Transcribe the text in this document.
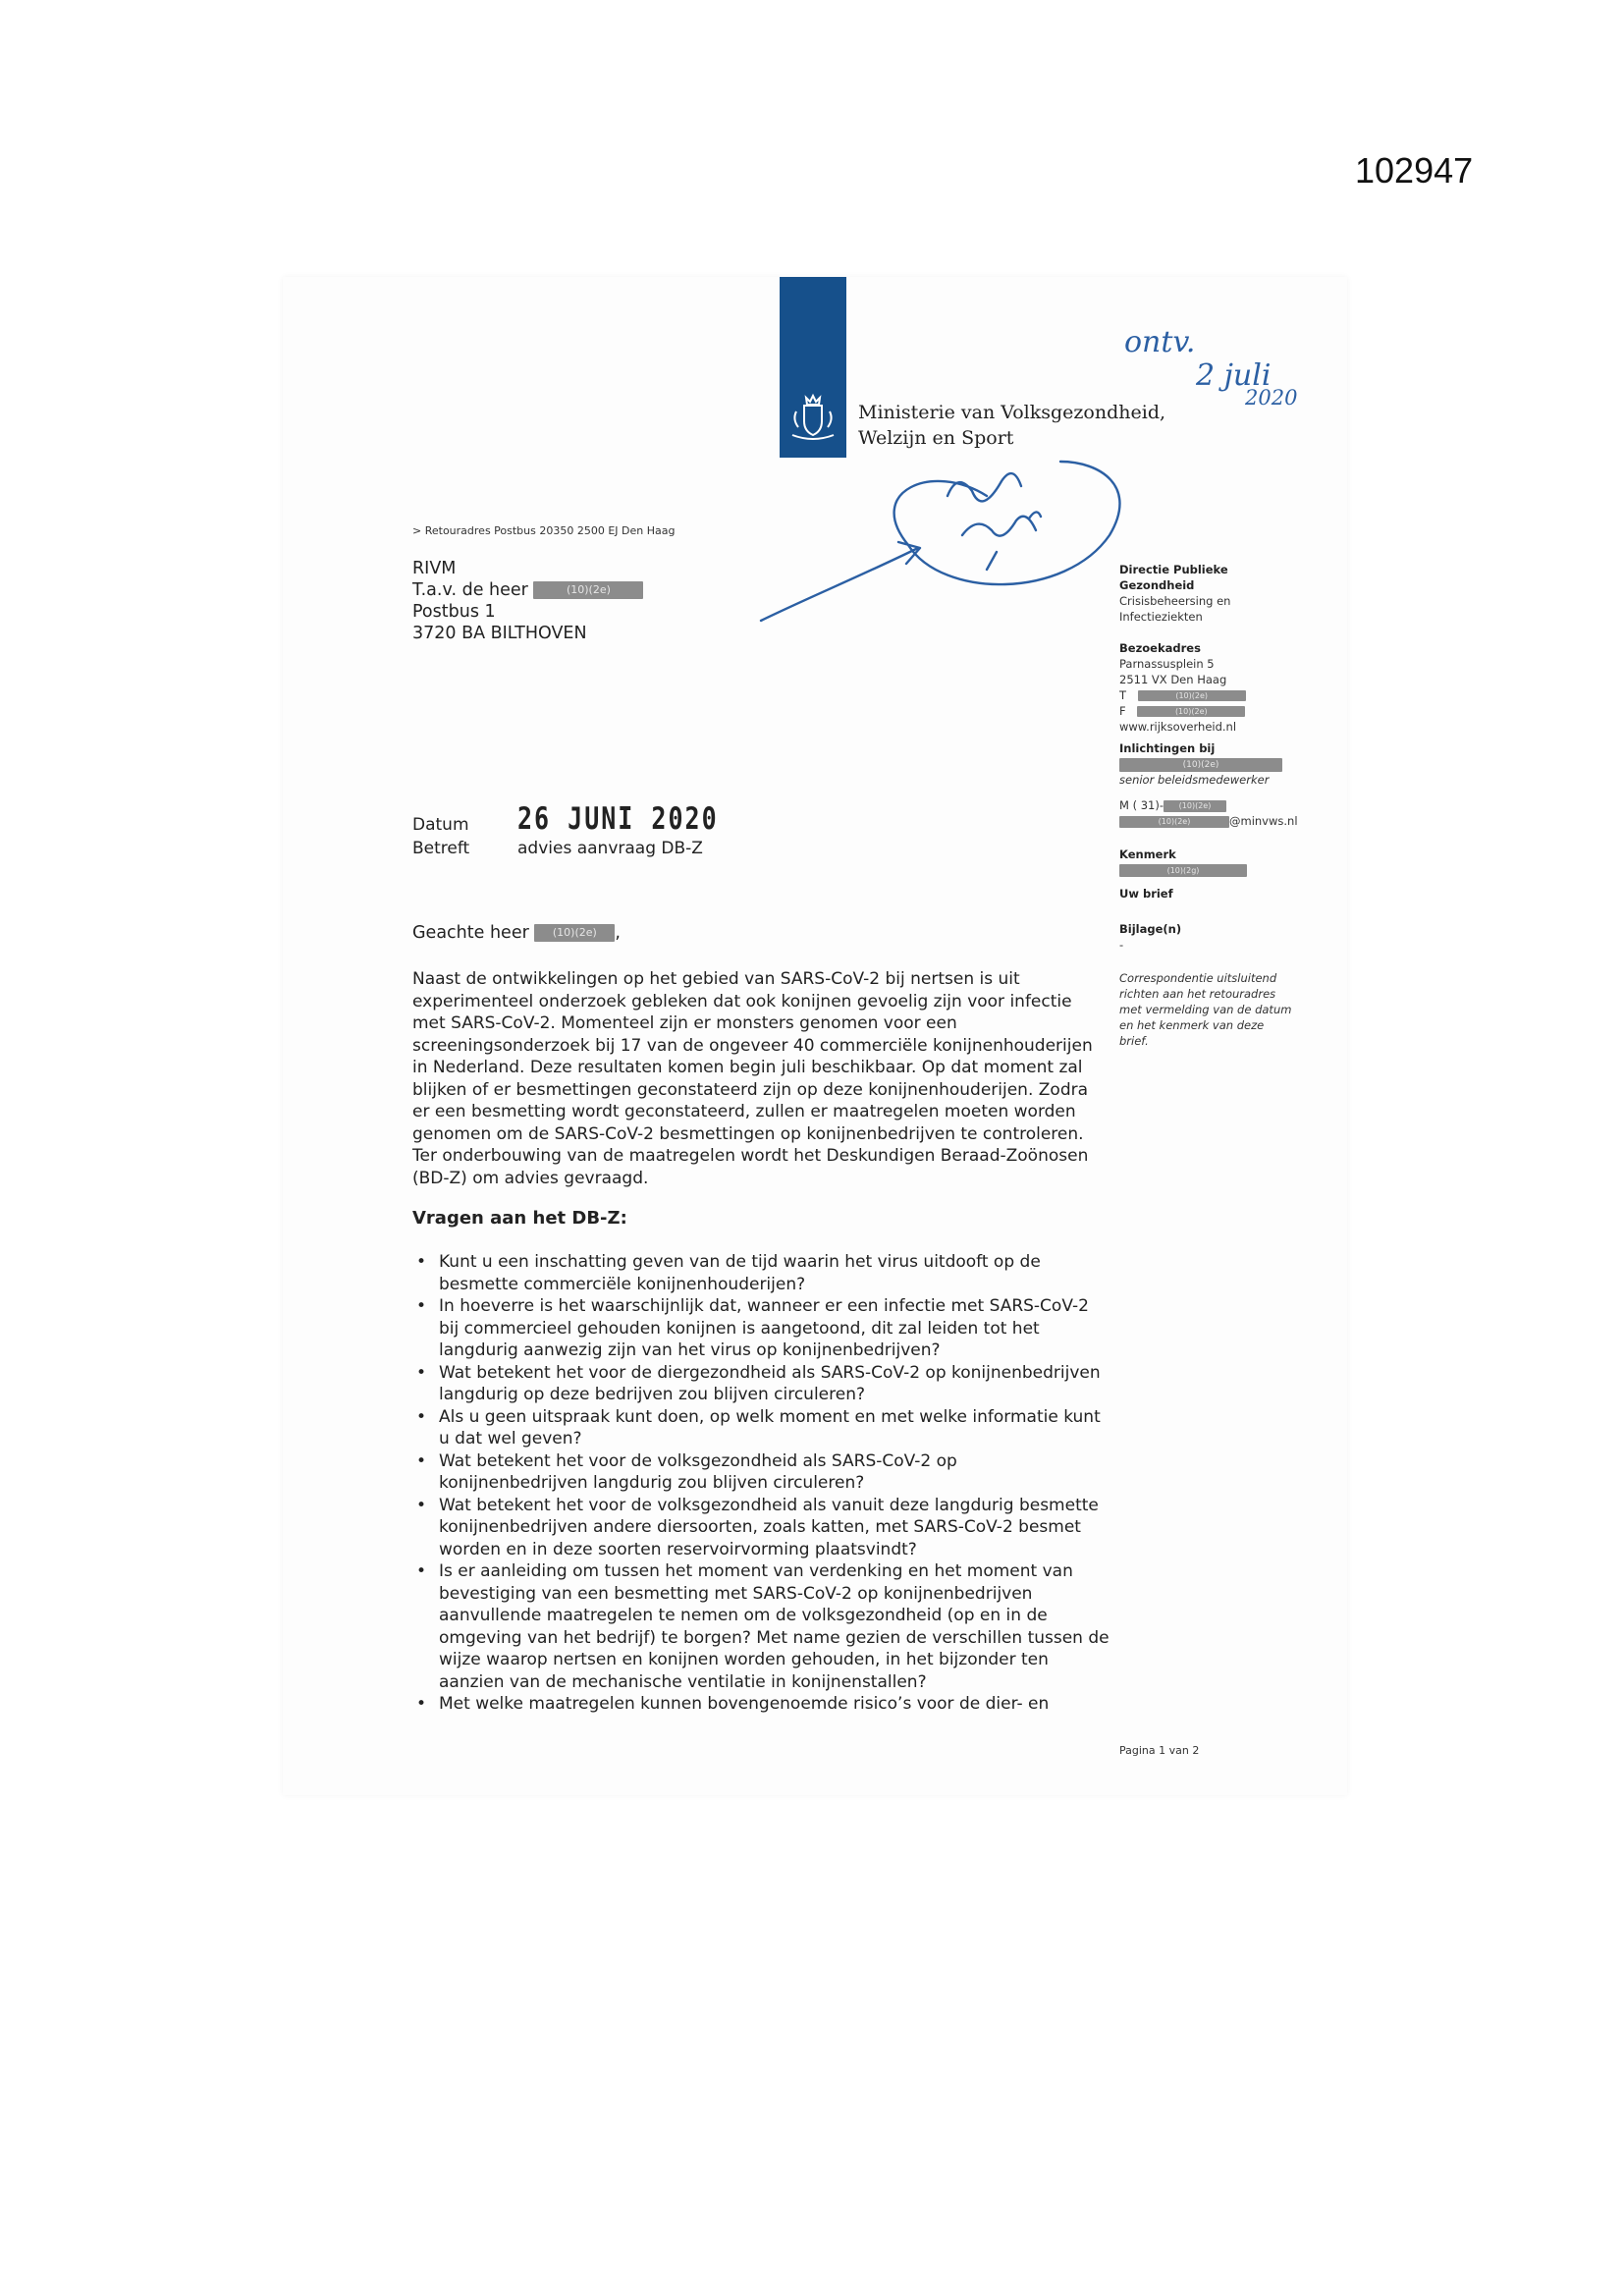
102947
Ministerie van Volksgezondheid,
Welzijn en Sport
> Retouradres Postbus 20350 2500 EJ Den Haag
RIVM
T.a.v. de heer	(10)(2e)
Postbus 1
3720 BA BILTHOVEN
Directie Publieke
Gezondheid
Crisisbeheersing en
Infectieziekten
Bezoekadres
Parnassusplein 5
2511 VX Den Haag
T	(10)(2e)
F	(10)(2e)
www.rijksoverheid.nl
Inlichtingen bij
(10)(2e)
senior beleidsmedewerker
M ( 31)- (10)(2e)
(10)(2e)	@minvws.nl
Kenmerk
(10)(2g)
Uw brief
Bijlage(n)
-
Correspondentie uitsluitend richten aan het retouradres met vermelding van de datum en het kenmerk van deze brief.
Datum	26 JUNI 2020
Betreft	advies aanvraag DB-Z
Geachte heer (10)(2e) ,
Naast de ontwikkelingen op het gebied van SARS-CoV-2 bij nertsen is uit
experimenteel onderzoek gebleken dat ook konijnen gevoelig zijn voor infectie
met SARS-CoV-2. Momenteel zijn er monsters genomen voor een
screeningsonderzoek bij 17 van de ongeveer 40 commerciële konijnenhouderijen
in Nederland. Deze resultaten komen begin juli beschikbaar. Op dat moment zal
blijken of er besmettingen geconstateerd zijn op deze konijnenhouderijen. Zodra
er een besmetting wordt geconstateerd, zullen er maatregelen moeten worden
genomen om de SARS-CoV-2 besmettingen op konijnenbedrijven te controleren.
Ter onderbouwing van de maatregelen wordt het Deskundigen Beraad-Zoönosen
(BD-Z) om advies gevraagd.
Vragen aan het DB-Z:
• Kunt u een inschatting geven van de tijd waarin het virus uitdooft op de
besmette commerciële konijnenhouderijen?
• In hoeverre is het waarschijnlijk dat, wanneer er een infectie met SARS-CoV-2
bij commercieel gehouden konijnen is aangetoond, dit zal leiden tot het
langdurig aanwezig zijn van het virus op konijnenbedrijven?
• Wat betekent het voor de diergezondheid als SARS-CoV-2 op konijnenbedrijven
langdurig op deze bedrijven zou blijven circuleren?
• Als u geen uitspraak kunt doen, op welk moment en met welke informatie kunt
u dat wel geven?
• Wat betekent het voor de volksgezondheid als SARS-CoV-2 op
konijnenbedrijven langdurig zou blijven circuleren?
• Wat betekent het voor de volksgezondheid als vanuit deze langdurig besmette
konijnenbedrijven andere diersoorten, zoals katten, met SARS-CoV-2 besmet
worden en in deze soorten reservoirvorming plaatsvindt?
• Is er aanleiding om tussen het moment van verdenking en het moment van
bevestiging van een besmetting met SARS-CoV-2 op konijnenbedrijven
aanvullende maatregelen te nemen om de volksgezondheid (op en in de
omgeving van het bedrijf) te borgen? Met name gezien de verschillen tussen de
wijze waarop nertsen en konijnen worden gehouden, in het bijzonder ten
aanzien van de mechanische ventilatie in konijnenstallen?
• Met welke maatregelen kunnen bovengenoemde risico’s voor de dier- en
Pagina 1 van 2
ontv.
2 juli
2020
